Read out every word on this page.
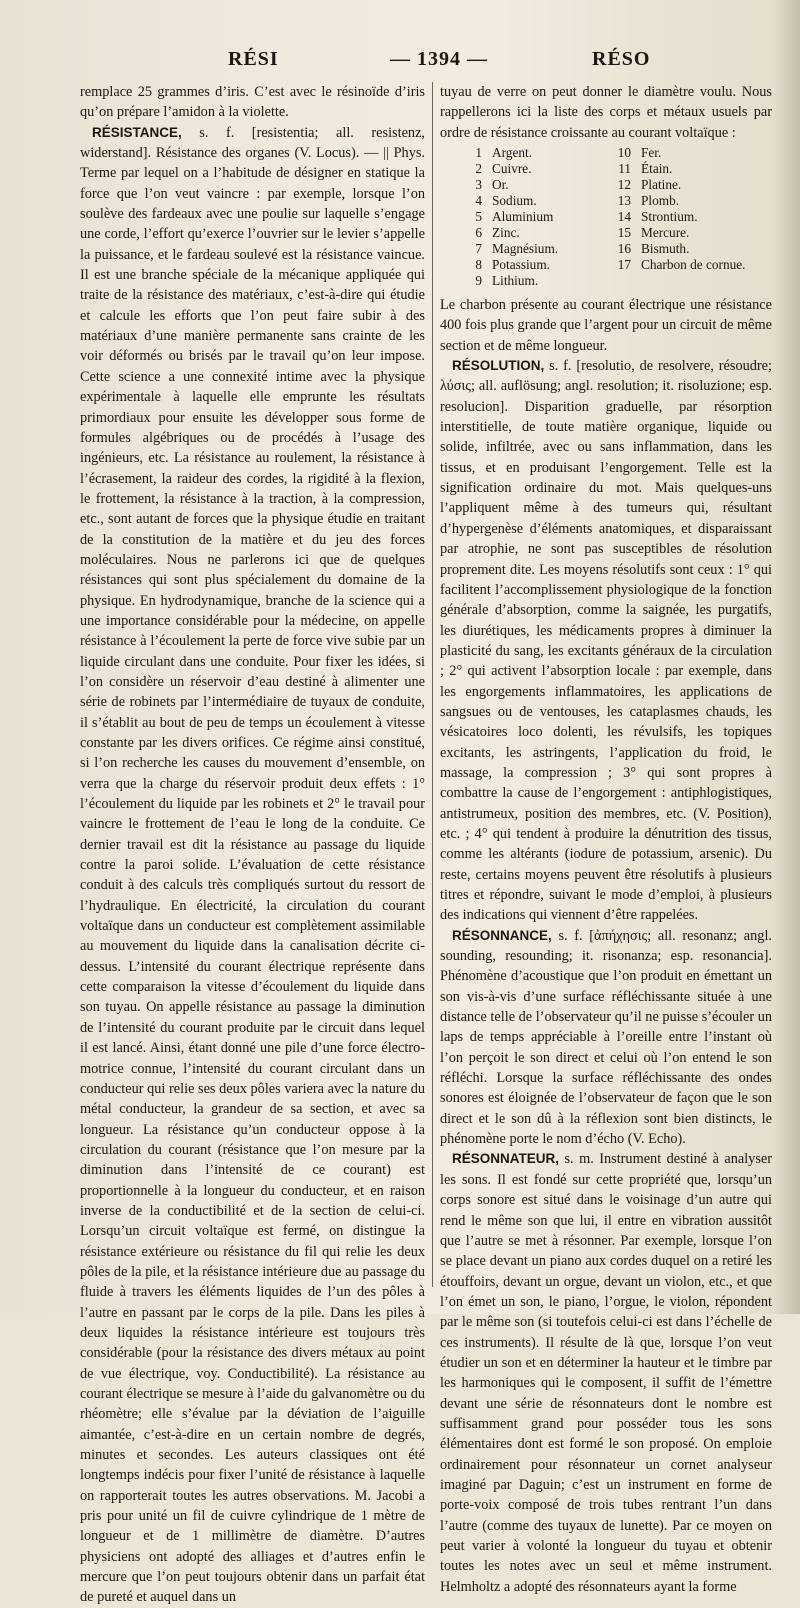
RÉSI	— 1394 —	RÉSO

remplace 25 grammes d’iris. C’est avec le résinoïde d’iris qu’on prépare l’amidon à la violette.

RÉSISTANCE, s. f. [resistentia; all. resistenz, widerstand]. Résistance des organes (V. Locus). — || Phys. Terme par lequel on a l’habitude de désigner en statique la force que l’on veut vaincre : par exemple, lorsque l’on soulève des fardeaux avec une poulie sur laquelle s’engage une corde, l’effort qu’exerce l’ouvrier sur le levier s’appelle la puissance, et le fardeau soulevé est la résistance vaincue. Il est une branche spéciale de la mécanique appliquée qui traite de la résistance des matériaux, c’est-à-dire qui étudie et calcule les efforts que l’on peut faire subir à des matériaux d’une manière permanente sans crainte de les voir déformés ou brisés par le travail qu’on leur impose. Cette science a une connexité intime avec la physique expérimentale à laquelle elle emprunte les résultats primordiaux pour ensuite les développer sous forme de formules algébriques ou de procédés à l’usage des ingénieurs, etc. La résistance au roulement, la résistance à l’écrasement, la raideur des cordes, la rigidité à la flexion, le frottement, la résistance à la traction, à la compression, etc., sont autant de forces que la physique étudie en traitant de la constitution de la matière et du jeu des forces moléculaires. Nous ne parlerons ici que de quelques résistances qui sont plus spécialement du domaine de la physique. En hydrodynamique, branche de la science qui a une importance considérable pour la médecine, on appelle résistance à l’écoulement la perte de force vive subie par un liquide circulant dans une conduite. Pour fixer les idées, si l’on considère un réservoir d’eau destiné à alimenter une série de robinets par l’intermédiaire de tuyaux de conduite, il s’établit au bout de peu de temps un écoulement à vitesse constante par les divers orifices. Ce régime ainsi constitué, si l’on recherche les causes du mouvement d’ensemble, on verra que la charge du réservoir produit deux effets : 1° l’écoulement du liquide par les robinets et 2° le travail pour vaincre le frottement de l’eau le long de la conduite. Ce dernier travail est dit la résistance au passage du liquide contre la paroi solide. L’évaluation de cette résistance conduit à des calculs très compliqués surtout du ressort de l’hydraulique. En électricité, la circulation du courant voltaïque dans un conducteur est complètement assimilable au mouvement du liquide dans la canalisation décrite ci-dessus. L’intensité du courant électrique représente dans cette comparaison la vitesse d’écoulement du liquide dans son tuyau. On appelle résistance au passage la diminution de l’intensité du courant produite par le circuit dans lequel il est lancé. Ainsi, étant donné une pile d’une force électro-motrice connue, l’intensité du courant circulant dans un conducteur qui relie ses deux pôles variera avec la nature du métal conducteur, la grandeur de sa section, et avec sa longueur. La résistance qu’un conducteur oppose à la circulation du courant (résistance que l’on mesure par la diminution dans l’intensité de ce courant) est proportionnelle à la longueur du conducteur, et en raison inverse de la conductibilité et de la section de celui-ci. Lorsqu’un circuit voltaïque est fermé, on distingue la résistance extérieure ou résistance du fil qui relie les deux pôles de la pile, et la résistance intérieure due au passage du fluide à travers les éléments liquides de l’un des pôles à l’autre en passant par le corps de la pile. Dans les piles à deux liquides la résistance intérieure est toujours très considérable (pour la résistance des divers métaux au point de vue électrique, voy. Conductibilité). La résistance au courant électrique se mesure à l’aide du galvanomètre ou du rhéomètre; elle s’évalue par la déviation de l’aiguille aimantée, c’est-à-dire en un certain nombre de degrés, minutes et secondes. Les auteurs classiques ont été longtemps indécis pour fixer l’unité de résistance à laquelle on rapporterait toutes les autres observations. M. Jacobi a pris pour unité un fil de cuivre cylindrique de 1 mètre de longueur et de 1 millimètre de diamètre. D’autres physiciens ont adopté des alliages et d’autres enfin le mercure que l’on peut toujours obtenir dans un parfait état de pureté et auquel dans un

tuyau de verre on peut donner le diamètre voulu. Nous rappellerons ici la liste des corps et métaux usuels par ordre de résistance croissante au courant voltaïque :

1 Argent.	10 Fer.
2 Cuivre.	11 Étain.
3 Or.	12 Platine.
4 Sodium.	13 Plomb.
5 Aluminium	14 Strontium.
6 Zinc.	15 Mercure.
7 Magnésium.	16 Bismuth.
8 Potassium.	17 Charbon de cornue.
9 Lithium.

Le charbon présente au courant électrique une résistance 400 fois plus grande que l’argent pour un circuit de même section et de même longueur.

RÉSOLUTION, s. f. [resolutio, de resolvere, résoudre; λύσις; all. auflösung; angl. resolution; it. risoluzione; esp. resolucion]. Disparition graduelle, par résorption interstitielle, de toute matière organique, liquide ou solide, infiltrée, avec ou sans inflammation, dans les tissus, et en produisant l’engorgement. Telle est la signification ordinaire du mot. Mais quelques-uns l’appliquent même à des tumeurs qui, résultant d’hypergenèse d’éléments anatomiques, et disparaissant par atrophie, ne sont pas susceptibles de résolution proprement dite. Les moyens résolutifs sont ceux : 1° qui facilitent l’accomplissement physiologique de la fonction générale d’absorption, comme la saignée, les purgatifs, les diurétiques, les médicaments propres à diminuer la plasticité du sang, les excitants généraux de la circulation ; 2° qui activent l’absorption locale : par exemple, dans les engorgements inflammatoires, les applications de sangsues ou de ventouses, les cataplasmes chauds, les vésicatoires loco dolenti, les révulsifs, les topiques excitants, les astringents, l’application du froid, le massage, la compression ; 3° qui sont propres à combattre la cause de l’engorgement : antiphlogistiques, antistrumeux, position des membres, etc. (V. Position), etc. ; 4° qui tendent à produire la dénutrition des tissus, comme les altérants (iodure de potassium, arsenic). Du reste, certains moyens peuvent être résolutifs à plusieurs titres et répondre, suivant le mode d’emploi, à plusieurs des indications qui viennent d’être rappelées.

RÉSONNANCE, s. f. [ἀπήχησις; all. resonanz; angl. sounding, resounding; it. risonanza; esp. resonancia]. Phénomène d’acoustique que l’on produit en émettant un son vis-à-vis d’une surface réfléchissante située à une distance telle de l’observateur qu’il ne puisse s’écouler un laps de temps appréciable à l’oreille entre l’instant où l’on perçoit le son direct et celui où l’on entend le son réfléchi. Lorsque la surface réfléchissante des ondes sonores est éloignée de l’observateur de façon que le son direct et le son dû à la réflexion sont bien distincts, le phénomène porte le nom d’écho (V. Echo).

RÉSONNATEUR, s. m. Instrument destiné à analyser les sons. Il est fondé sur cette propriété que, lorsqu’un corps sonore est situé dans le voisinage d’un autre qui rend le même son que lui, il entre en vibration aussitôt que l’autre se met à résonner. Par exemple, lorsque l’on se place devant un piano aux cordes duquel on a retiré les étouffoirs, devant un orgue, devant un violon, etc., et que l’on émet un son, le piano, l’orgue, le violon, répondent par le même son (si toutefois celui-ci est dans l’échelle de ces instruments). Il résulte de là que, lorsque l’on veut étudier un son et en déterminer la hauteur et le timbre par les harmoniques qui le composent, il suffit de l’émettre devant une série de résonnateurs dont le nombre est suffisamment grand pour posséder tous les sons élémentaires dont est formé le son proposé. On emploie ordinairement pour résonnateur un cornet analyseur imaginé par Daguin; c’est un instrument en forme de porte-voix composé de trois tubes rentrant l’un dans l’autre (comme des tuyaux de lunette). Par ce moyen on peut varier à volonté la longueur du tuyau et obtenir toutes les notes avec un seul et même instrument. Helmholtz a adopté des résonnateurs ayant la forme
